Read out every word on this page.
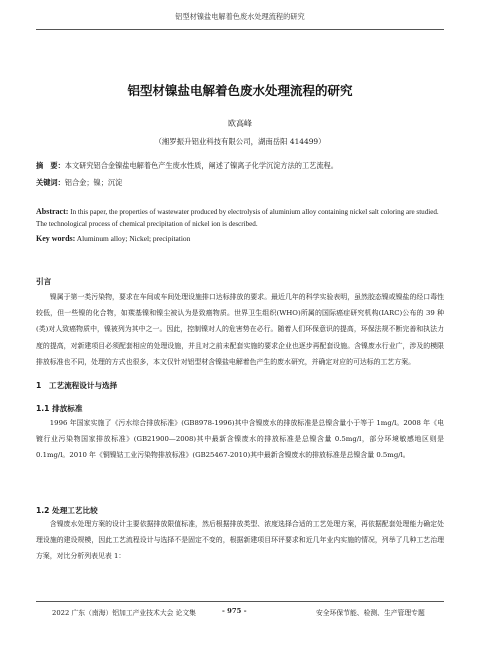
铝型材镍盐电解着色废水处理流程的研究
铝型材镍盐电解着色废水处理流程的研究
欧高峰
（湘罗振升铝业科技有限公司，湖南岳阳 414499）
摘　要：本文研究铝合金镍盐电解着色产生废水性质，阐述了镍离子化学沉淀方法的工艺流程。
关键词：铝合金；镍；沉淀
Abstract: In this paper, the properties of wastewater produced by electrolysis of aluminium alloy containing nickel salt coloring are studied. The technological process of chemical precipitation of nickel ion is described.
Key words: Aluminum alloy; Nickel; precipitation
引言
镍属于第一类污染物，要求在车间或车间处理设施排口达标排放的要求。最近几年的科学实验表明，虽然胶态镍或镍盐的经口毒性较低，但一些镍的化合物，如羰基镍和镍尘被认为是致癌物质。世界卫生组织(WHO)所属的国际癌症研究机构(IARC)公布的 39 种(类)对人致癌物质中，镍被列为其中之一。因此，控制镍对人的危害势在必行。随着人们环保意识的提高，环保法规不断完善和执法力度的提高，对新建项目必须配套相应的处理设施，并且对之前未配套实施的要求企业也逐步再配套设施。含镍废水行业广，涉及的模限排放标准也不同，处理的方式也很多，本文仅针对铝型材含镍盐电解着色产生的废水研究，并确定对应的可达标的工艺方案。
1　工艺流程设计与选择
1.1 排放标准
1996 年国家实施了《污水综合排放标准》(GB8978-1996)其中含镍废水的排放标准是总镍含量小于等于 1mg/l。2008 年《电镀行业污染物国家排放标准》(GB21900—2008)其中最新含镍废水的排放标准是总镍含量 0.5mg/l，部分环境敏感地区则是 0.1mg/l。2010 年《铜镍钴工业污染物排放标准》(GB25467-2010)其中最新含镍废水的排放标准是总镍含量 0.5mg/l。
1.2 处理工艺比较
含镍废水处理方案的设计主要依据排放限值标准，然后根据排放类型、浓度选择合适的工艺处理方案，再依据配套处理能力确定处理设施的建设规模，因此工艺流程设计与选择不是固定不变的，根据新建项目环评要求和近几年业内实施的情况，列举了几种工艺治理方案，对比分析列表见表 1：
2022 广东（南海）铝加工产业技术大会 论文集	- 975 -	安全环保节能、检测、生产管理专题
